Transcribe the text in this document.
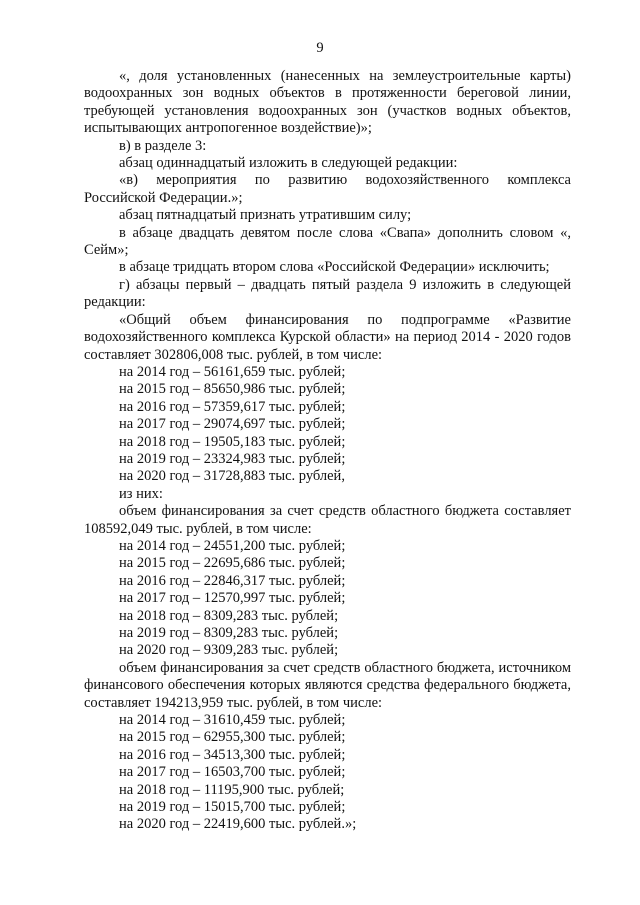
9

«, доля установленных (нанесенных на землеустроительные карты) водоохранных зон водных объектов в протяженности береговой линии, требующей установления водоохранных зон (участков водных объектов, испытывающих антропогенное воздействие)»;

в) в разделе 3:

абзац одиннадцатый изложить в следующей редакции:

«в) мероприятия по развитию водохозяйственного комплекса Российской Федерации.»;

абзац пятнадцатый признать утратившим силу;

в абзаце двадцать девятом после слова «Свапа» дополнить словом «, Сейм»;

в абзаце тридцать втором слова «Российской Федерации» исключить;

г) абзацы первый – двадцать пятый раздела 9 изложить в следующей редакции:

«Общий объем финансирования по подпрограмме «Развитие водохозяйственного комплекса Курской области» на период 2014 - 2020 годов составляет 302806,008 тыс. рублей, в том числе:

на 2014 год – 56161,659 тыс. рублей;

на 2015 год – 85650,986 тыс. рублей;

на 2016 год – 57359,617 тыс. рублей;

на 2017 год – 29074,697 тыс. рублей;

на 2018 год – 19505,183 тыс. рублей;

на 2019 год – 23324,983 тыс. рублей;

на 2020 год – 31728,883 тыс. рублей,

из них:

объем финансирования за счет средств областного бюджета составляет 108592,049 тыс. рублей, в том числе:

на 2014 год – 24551,200 тыс. рублей;

на 2015 год – 22695,686 тыс. рублей;

на 2016 год – 22846,317 тыс. рублей;

на 2017 год – 12570,997 тыс. рублей;

на 2018 год – 8309,283 тыс. рублей;

на 2019 год – 8309,283 тыс. рублей;

на 2020 год – 9309,283 тыс. рублей;

объем финансирования за счет средств областного бюджета, источником финансового обеспечения которых являются средства федерального бюджета, составляет 194213,959 тыс. рублей, в том числе:

на 2014 год – 31610,459 тыс. рублей;

на 2015 год – 62955,300 тыс. рублей;

на 2016 год – 34513,300 тыс. рублей;

на 2017 год – 16503,700 тыс. рублей;

на 2018 год – 11195,900 тыс. рублей;

на 2019 год – 15015,700 тыс. рублей;

на 2020 год – 22419,600 тыс. рублей.»;
